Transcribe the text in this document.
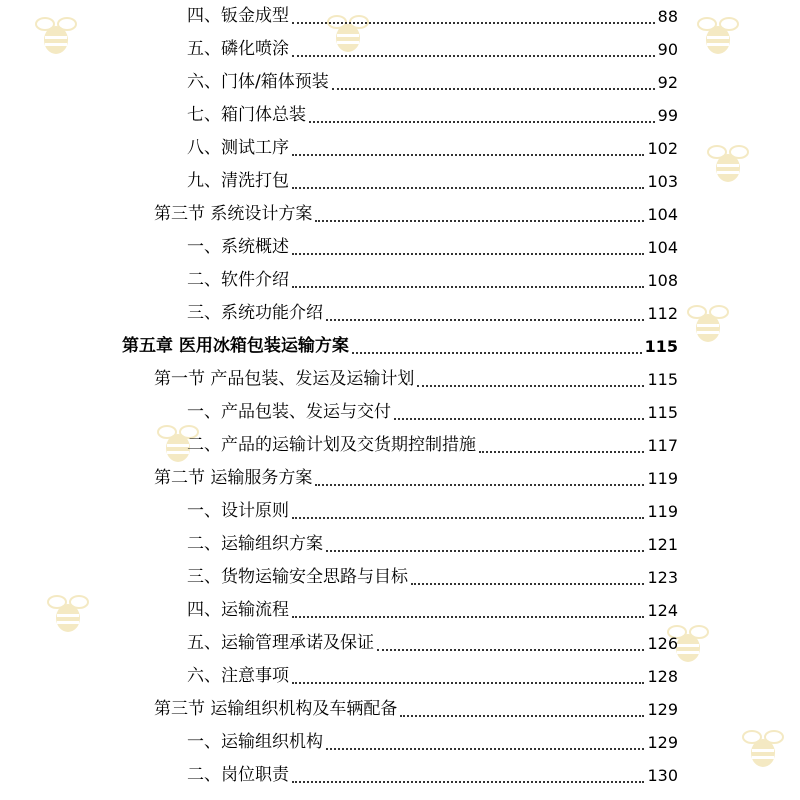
四、钣金成型	88
五、磷化喷涂	90
六、门体/箱体预装	92
七、箱门体总装	99
八、测试工序	102
九、清洗打包	103
第三节 系统设计方案	104
一、系统概述	104
二、软件介绍	108
三、系统功能介绍	112
第五章 医用冰箱包装运输方案	115
第一节 产品包装、发运及运输计划	115
一、产品包装、发运与交付	115
二、产品的运输计划及交货期控制措施	117
第二节 运输服务方案	119
一、设计原则	119
二、运输组织方案	121
三、货物运输安全思路与目标	123
四、运输流程	124
五、运输管理承诺及保证	126
六、注意事项	128
第三节 运输组织机构及车辆配备	129
一、运输组织机构	129
二、岗位职责	130
